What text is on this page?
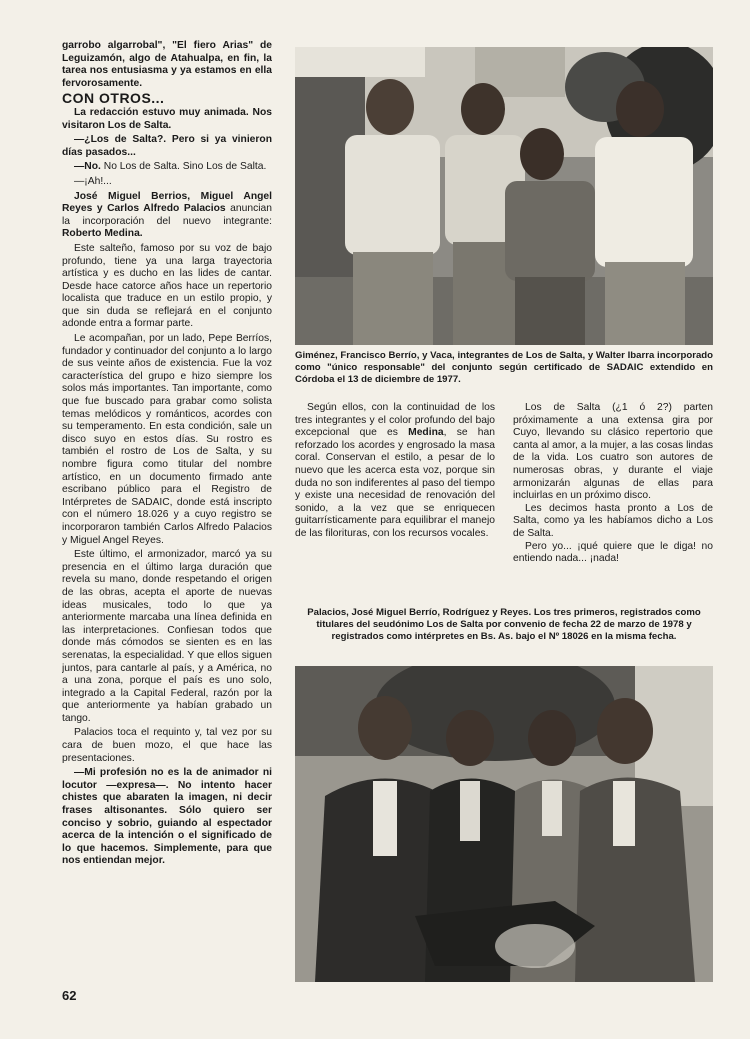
garrobo algarrobal", "El fiero Arias" de Leguizamón, algo de Atahualpa, en fin, la tarea nos entusiasma y ya estamos en ella fervorosamente.

CON OTROS...

La redacción estuvo muy animada. Nos visitaron Los de Salta.

—¿Los de Salta?. Pero si ya vinieron días pasados...

—No. No Los de Salta. Sino Los de Salta.

—¡Ah!...

José Miguel Berrios, Miguel Angel Reyes y Carlos Alfredo Palacios anuncian la incorporación del nuevo integrante: Roberto Medina.

Este salteño, famoso por su voz de bajo profundo, tiene ya una larga trayectoria artística y es ducho en las lides de cantar. Desde hace catorce años hace un repertorio localista que traduce en un estilo propio, y que sin duda se reflejará en el conjunto adonde entra a formar parte.

Le acompañan, por un lado, Pepe Berríos, fundador y continuador del conjunto a lo largo de sus veinte años de existencia. Fue la voz característica del grupo e hizo siempre los solos más importantes. Tan importante, como que fue buscado para grabar como solista temas melódicos y románticos, acordes con su temperamento. En esta condición, sale un disco suyo en estos días. Su rostro es también el rostro de Los de Salta, y su nombre figura como titular del nombre artístico, en un documento firmado ante escribano público para el Registro de Intérpretes de SADAIC, donde está inscripto con el número 18.026 y a cuyo registro se incorporaron también Carlos Alfredo Palacios y Miguel Angel Reyes.

Este último, el armonizador, marcó ya su presencia en el último larga duración que revela su mano, donde respetando el origen de las obras, acepta el aporte de nuevas ideas musicales, todo lo que ya anteriormente marcaba una línea definida en las interpretaciones. Confiesan todos que donde más cómodos se sienten es en las serenatas, la especialidad. Y que ellos siguen juntos, para cantarle al país, y a América, no a una zona, porque el país es uno solo, integrado a la Capital Federal, razón por la que anteriormente ya habían grabado un tango.

Palacios toca el requinto y, tal vez por su cara de buen mozo, el que hace las presentaciones.

—Mi profesión no es la de animador ni locutor —expresa—. No intento hacer chistes que abaraten la imagen, ni decir frases altisonantes. Sólo quiero ser conciso y sobrio, guiando al espectador acerca de la intención o el significado de lo que hacemos. Simplemente, para que nos entiendan mejor.

Giménez, Francisco Berrío, y Vaca, integrantes de Los de Salta, y Walter Ibarra incorporado como "único responsable" del conjunto según certificado de SADAIC extendido en Córdoba el 13 de diciembre de 1977.

Según ellos, con la continuidad de los tres integrantes y el color profundo del bajo excepcional que es Medina, se han reforzado los acordes y engrosado la masa coral. Conservan el estilo, a pesar de lo nuevo que les acerca esta voz, porque sin duda no son indiferentes al paso del tiempo y existe una necesidad de renovación del sonido, a la vez que se enriquecen guitarrísticamente para equilibrar el manejo de las filorituras, con los recursos vocales.

Los de Salta (¿1 ó 2?) parten próximamente a una extensa gira por Cuyo, llevando su clásico repertorio que canta al amor, a la mujer, a las cosas lindas de la vida. Los cuatro son autores de numerosas obras, y durante el viaje armonizarán algunas de ellas para incluirlas en un próximo disco.

Les decimos hasta pronto a Los de Salta, como ya les habíamos dicho a Los de Salta.

Pero yo... ¡qué quiere que le diga! no entiendo nada... ¡nada!

Palacios, José Miguel Berrío, Rodríguez y Reyes. Los tres primeros, registrados como titulares del seudónimo Los de Salta por convenio de fecha 22 de marzo de 1978 y registrados como intérpretes en Bs. As. bajo el Nº 18026 en la misma fecha.
62
